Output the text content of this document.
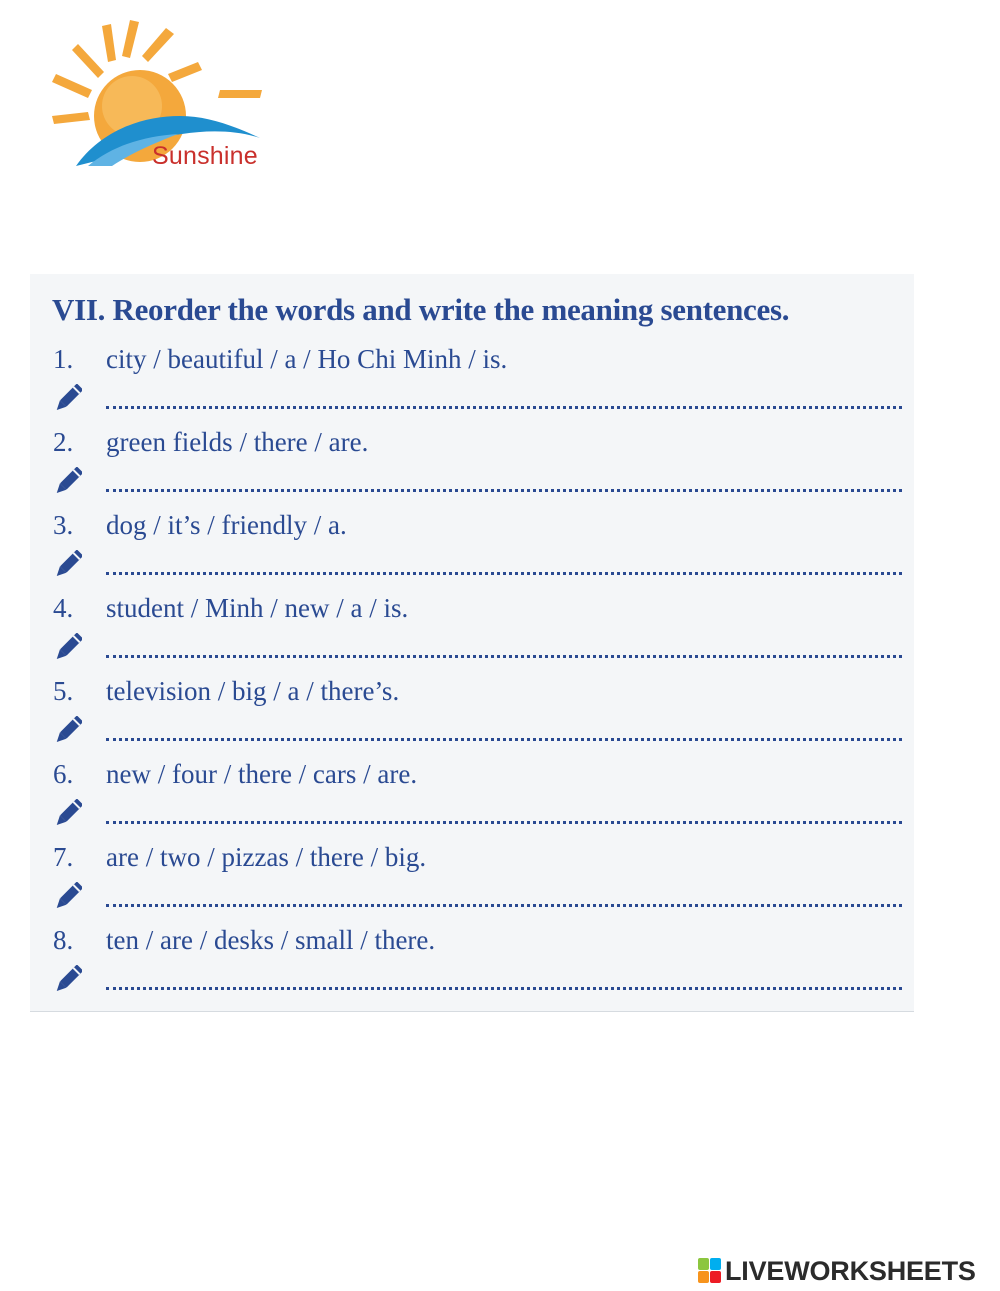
Sunshine
VII. Reorder the words and write the meaning sentences.
1. city / beautiful / a / Ho Chi Minh / is.
2. green fields / there / are.
3. dog / it’s / friendly / a.
4. student / Minh / new / a / is.
5. television / big / a / there’s.
6. new / four / there / cars / are.
7. are / two / pizzas / there / big.
8. ten / are / desks / small / there.
LIVEWORKSHEETS
